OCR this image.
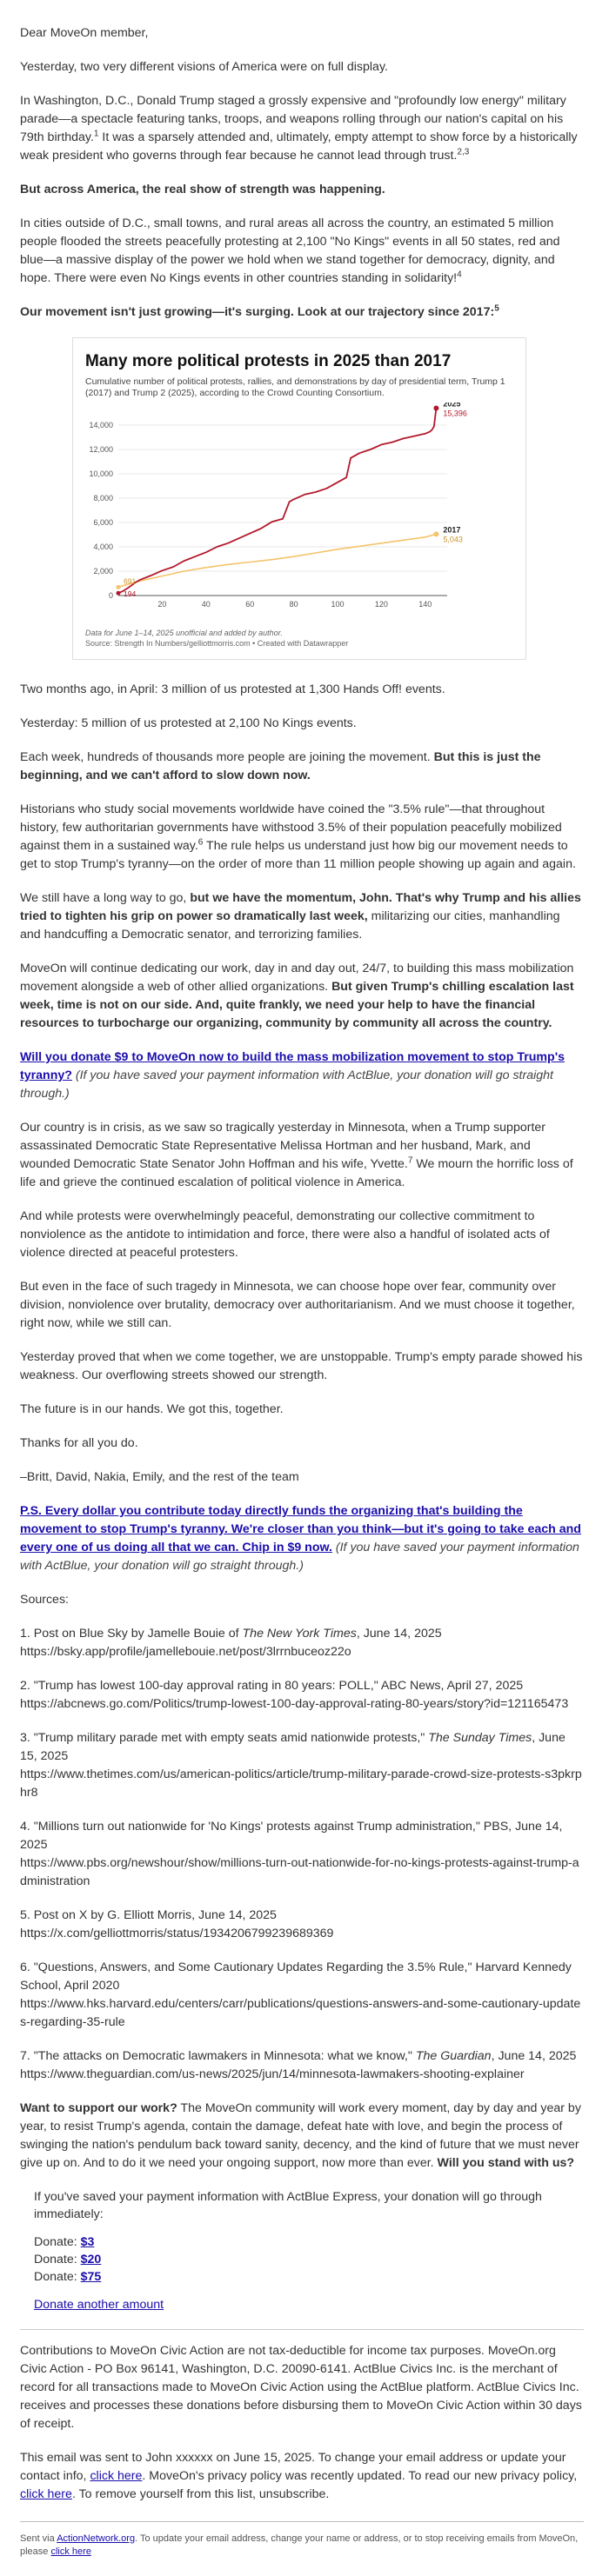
Dear MoveOn member,

Yesterday, two very different visions of America were on full display.

In Washington, D.C., Donald Trump staged a grossly expensive and "profoundly low energy" military parade—a spectacle featuring tanks, troops, and weapons rolling through our nation's capital on his 79th birthday.$^1$ It was a sparsely attended and, ultimately, empty attempt to show force by a historically weak president who governs through fear because he cannot lead through trust.$^{2,3}$

But across America, the real show of strength was happening.

In cities outside of D.C., small towns, and rural areas all across the country, an estimated 5 million people flooded the streets peacefully protesting at 2,100 "No Kings" events in all 50 states, red and blue—a massive display of the power we hold when we stand together for democracy, dignity, and hope. There were even No Kings events in other countries standing in solidarity!$^4$

Our movement isn't just growing—it's surging. Look at our trajectory since 2017:$^5$

Many more political protests in 2025 than 2017
Cumulative number of political protests, rallies, and demonstrations by day of presidential term, Trump 1 (2017) and Trump 2 (2025), according to the Crowd Counting Consortium.
0
2,000
4,000
6,000
8,000
10,000
12,000
14,000
20	40	60	80	100	120	140
2017
5,043
2025
15,396
691
194
Data for June 1–14, 2025 unofficial and added by author.
Source: Strength In Numbers/gelliottmorris.com • Created with Datawrapper

Two months ago, in April: 3 million of us protested at 1,300 Hands Off! events.

Yesterday: 5 million of us protested at 2,100 No Kings events.

Each week, hundreds of thousands more people are joining the movement. But this is just the beginning, and we can't afford to slow down now.

Historians who study social movements worldwide have coined the "3.5% rule"—that throughout history, few authoritarian governments have withstood 3.5% of their population peacefully mobilized against them in a sustained way.$^6$ The rule helps us understand just how big our movement needs to get to stop Trump's tyranny—on the order of more than 11 million people showing up again and again.

We still have a long way to go, but we have the momentum, John. That's why Trump and his allies tried to tighten his grip on power so dramatically last week, militarizing our cities, manhandling and handcuffing a Democratic senator, and terrorizing families.

MoveOn will continue dedicating our work, day in and day out, 24/7, to building this mass mobilization movement alongside a web of other allied organizations. But given Trump's chilling escalation last week, time is not on our side. And, quite frankly, we need your help to have the financial resources to turbocharge our organizing, community by community all across the country.

Will you donate $9 to MoveOn now to build the mass mobilization movement to stop Trump's tyranny? (If you have saved your payment information with ActBlue, your donation will go straight through.)

Our country is in crisis, as we saw so tragically yesterday in Minnesota, when a Trump supporter assassinated Democratic State Representative Melissa Hortman and her husband, Mark, and wounded Democratic State Senator John Hoffman and his wife, Yvette.$^7$ We mourn the horrific loss of life and grieve the continued escalation of political violence in America.

And while protests were overwhelmingly peaceful, demonstrating our collective commitment to nonviolence as the antidote to intimidation and force, there were also a handful of isolated acts of violence directed at peaceful protesters.

But even in the face of such tragedy in Minnesota, we can choose hope over fear, community over division, nonviolence over brutality, democracy over authoritarianism. And we must choose it together, right now, while we still can.

Yesterday proved that when we come together, we are unstoppable. Trump's empty parade showed his weakness. Our overflowing streets showed our strength.

The future is in our hands. We got this, together.

Thanks for all you do.

–Britt, David, Nakia, Emily, and the rest of the team

P.S. Every dollar you contribute today directly funds the organizing that's building the movement to stop Trump's tyranny. We're closer than you think—but it's going to take each and every one of us doing all that we can. Chip in $9 now. (If you have saved your payment information with ActBlue, your donation will go straight through.)

Sources:

1. Post on Blue Sky by Jamelle Bouie of The New York Times, June 14, 2025
https://bsky.app/profile/jamellebouie.net/post/3lrrnbuceoz22o

2. "Trump has lowest 100-day approval rating in 80 years: POLL," ABC News, April 27, 2025
https://abcnews.go.com/Politics/trump-lowest-100-day-approval-rating-80-years/story?id=121165473

3. "Trump military parade met with empty seats amid nationwide protests," The Sunday Times, June 15, 2025
https://www.thetimes.com/us/american-politics/article/trump-military-parade-crowd-size-protests-s3pkrphr8

4. "Millions turn out nationwide for 'No Kings' protests against Trump administration," PBS, June 14, 2025
https://www.pbs.org/newshour/show/millions-turn-out-nationwide-for-no-kings-protests-against-trump-administration

5. Post on X by G. Elliott Morris, June 14, 2025
https://x.com/gelliottmorris/status/1934206799239689369

6. "Questions, Answers, and Some Cautionary Updates Regarding the 3.5% Rule," Harvard Kennedy School, April 2020
https://www.hks.harvard.edu/centers/carr/publications/questions-answers-and-some-cautionary-updates-regarding-35-rule

7. "The attacks on Democratic lawmakers in Minnesota: what we know," The Guardian, June 14, 2025
https://www.theguardian.com/us-news/2025/jun/14/minnesota-lawmakers-shooting-explainer

Want to support our work? The MoveOn community will work every moment, day by day and year by year, to resist Trump's agenda, contain the damage, defeat hate with love, and begin the process of swinging the nation's pendulum back toward sanity, decency, and the kind of future that we must never give up on. And to do it we need your ongoing support, now more than ever. Will you stand with us?

If you've saved your payment information with ActBlue Express, your donation will go through immediately:

Donate: $3

Donate: $20

Donate: $75

Donate another amount

Contributions to MoveOn Civic Action are not tax-deductible for income tax purposes. MoveOn.org Civic Action - PO Box 96141, Washington, D.C. 20090-6141. ActBlue Civics Inc. is the merchant of record for all transactions made to MoveOn Civic Action using the ActBlue platform. ActBlue Civics Inc. receives and processes these donations before disbursing them to MoveOn Civic Action within 30 days of receipt.

This email was sent to John xxxxxx on June 15, 2025. To change your email address or update your contact info, click here. MoveOn's privacy policy was recently updated. To read our new privacy policy, click here. To remove yourself from this list, unsubscribe.

Sent via ActionNetwork.org. To update your email address, change your name or address, or to stop receiving emails from MoveOn, please click here
